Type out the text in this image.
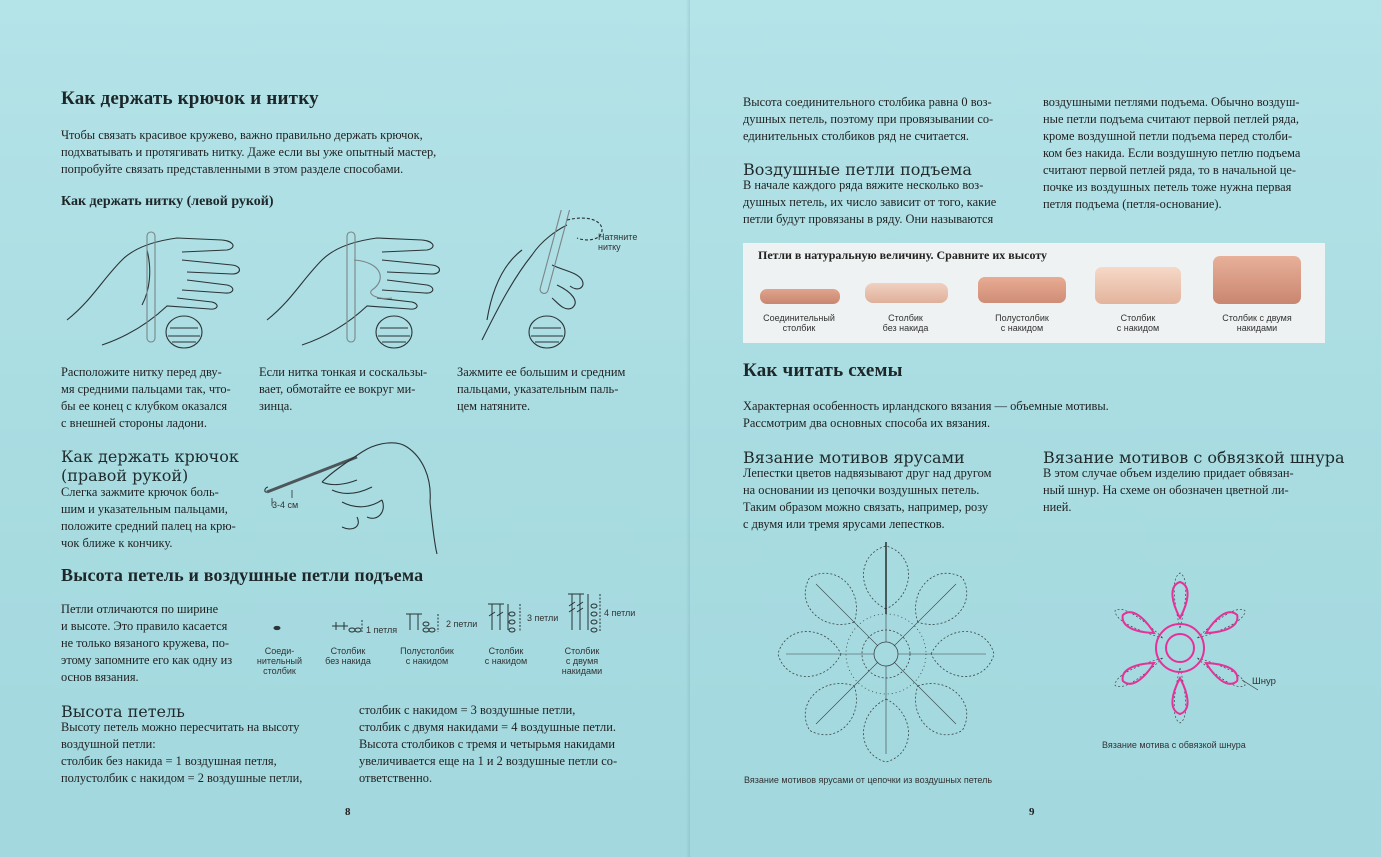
Как держать крючок и нитку
Чтобы связать красивое кружево, важно правильно держать крючок,
подхватывать и протягивать нитку. Даже если вы уже опытный мастер,
попробуйте связать представленными в этом разделе способами.
Как держать нитку (левой рукой)
Натяните нитку
Расположите нитку перед дву-
мя средними пальцами так, что-
бы ее конец с клубком оказался
с внешней стороны ладони.
Если нитка тонкая и соскальзы-
вает, обмотайте ее вокруг ми-
зинца.
Зажмите ее большим и средним
пальцами, указательным паль-
цем натяните.
Как держать крючок
(правой рукой)
Слегка зажмите крючок боль-
шим и указательным пальцами,
положите средний палец на крю-
чок ближе к кончику.
3-4 см
Высота петель и воздушные петли подъема
Петли отличаются по ширине
и высоте. Это правило касается
не только вязаного кружева, по-
этому запомните его как одну из
основ вязания.
1 петля
2 петли
3 петли	4 петли
Соеди-
нительный
столбик
Столбик
без накида
Полустолбик
с накидом
Столбик
с накидом
Столбик
с двумя
накидами
Высота петель
Высоту петель можно пересчитать на высоту
воздушной петли:
столбик без накида = 1 воздушная петля,
полустолбик с накидом = 2 воздушные петли,
столбик с накидом = 3 воздушные петли,
столбик с двумя накидами = 4 воздушные петли.
Высота столбиков с тремя и четырьмя накидами
увеличивается еще на 1 и 2 воздушные петли со-
ответственно.
8
Высота соединительного столбика равна 0 воз-
душных петель, поэтому при провязывании со-
единительных столбиков ряд не считается.
Воздушные петли подъема
В начале каждого ряда вяжите несколько воз-
душных петель, их число зависит от того, какие
петли будут провязаны в ряду. Они называются
воздушными петлями подъема. Обычно воздуш-
ные петли подъема считают первой петлей ряда,
кроме воздушной петли подъема перед столби-
ком без накида. Если воздушную петлю подъема
считают первой петлей ряда, то в начальной це-
почке из воздушных петель тоже нужна первая
петля подъема (петля-основание).
Петли в натуральную величину. Сравните их высоту
Соединительный
столбик
Столбик
без накида
Полустолбик
с накидом
Столбик
с накидом
Столбик с двумя
накидами
Как читать схемы
Характерная особенность ирландского вязания — объемные мотивы.
Рассмотрим два основных способа их вязания.
Вязание мотивов ярусами
Лепестки цветов надвязывают друг над другом
на основании из цепочки воздушных петель.
Таким образом можно связать, например, розу
с двумя или тремя ярусами лепестков.
Вязание мотивов с обвязкой шнура
В этом случае объем изделию придает обвязан-
ный шнур. На схеме он обозначен цветной ли-
нией.
Вязание мотивов ярусами от цепочки из воздушных петель
Шнур
Вязание мотива с обвязкой шнура
9
